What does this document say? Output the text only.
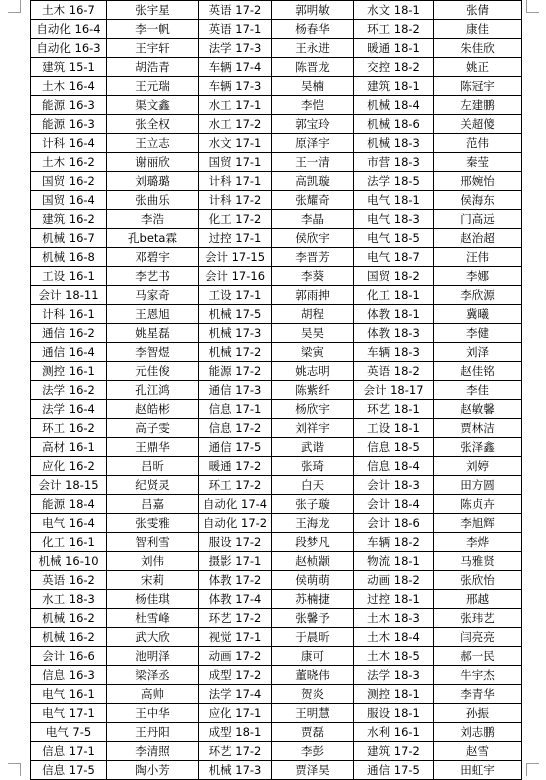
土木 16-7	张宇星	英语 17-2	郭明敏	水文 18-1	张倩
自动化 16-4	李一帆	英语 17-1	杨春华	环工 18-2	康佳
自动化 16-3	王宇轩	法学 17-3	王永进	暖通 18-1	朱佳欣
建筑 15-1	胡浩青	车辆 17-4	陈晋龙	交控 18-2	姚正
土木 16-4	王元瑞	车辆 17-3	吴楠	建筑 18-1	陈冠宇
能源 16-3	渠文鑫	水工 17-1	李恺	机械 18-4	左建鹏
能源 16-3	张全权	水工 17-2	郭宝玲	机械 18-6	关超傻
计科 16-4	王立志	水文 17-1	原泽宇	机械 18-3	范伟
土木 16-2	谢丽欣	国贸 17-1	王一清	市营 18-3	秦莹
国贸 16-2	刘璐璐	计科 17-1	高凯璇	法学 18-5	邢婉怡
国贸 16-4	张曲乐	计科 17-2	张耀奇	电气 18-1	侯海东
建筑 16-2	李浩	化工 17-2	李晶	电气 18-3	门高远
机械 16-7	孔beta霖	过控 17-1	侯欣宇	电气 18-5	赵治超
机械 16-8	邓碧宇	会计 17-15	李晋芳	电气 18-7	汪伟
工设 16-1	李艺书	会计 17-16	李葵	国贸 18-2	李娜
会计 18-11	马家奇	工设 17-1	郭雨抻	化工 18-1	李欣源
计科 16-1	王恩旭	机械 17-5	胡程	体教 18-1	冀曦
通信 16-2	姚星磊	机械 17-3	吴昊	体教 18-3	李健
通信 16-4	李智煜	机械 17-2	梁寅	车辆 18-3	刘泽
测控 16-1	元佳俊	能源 17-2	姚志明	英语 18-2	赵佳铭
法学 16-2	孔江鸿	通信 17-3	陈紫纤	会计 18-17	李佳
法学 16-4	赵皓彬	信息 17-1	杨欣宇	环艺 18-1	赵敏馨
环工 16-2	高子雯	信息 17-2	刘祥宇	工设 18-1	贾林洁
高材 16-1	王鼎华	通信 17-5	武谐	信息 18-5	张泽鑫
应化 16-2	吕昕	暖通 17-2	张琦	信息 18-4	刘婷
会计 18-15	纪贤灵	环工 17-2	白天	会计 18-3	田方圆
能源 18-4	吕嘉	自动化 17-4	张子璇	会计 18-4	陈贞卉
电气 16-4	张雯雅	自动化 17-2	王海龙	会计 18-6	李旭辉
化工 16-1	智利雪	服设 17-2	段梦凡	车辆 18-2	李烨
机械 16-10	刘伟	摄影 17-1	赵桢颛	物流 18-1	马雅贤
英语 16-2	宋莉	体教 17-2	侯萌萌	动画 18-2	张欣怡
水工 18-3	杨佳琪	体教 17-4	苏楠捷	过控 18-1	邢越
机械 16-2	杜雪峰	环艺 17-2	张馨予	土木 18-3	张玮艺
机械 16-2	武大欣	视觉 17-1	于晨昕	土木 18-4	闫亮亮
会计 16-6	池明泽	动画 17-2	康可	土木 18-5	郝一民
信息 16-3	梁泽丞	成型 17-2	董晓伟	法学 18-3	牛宇杰
电气 16-1	高帅	法学 17-4	贺炎	测控 18-1	李青华
电气 17-1	王中华	应化 17-1	王明慧	服设 18-1	孙振
电气 7-5	王丹阳	成型 18-1	贾磊	水利 16-1	刘志鹏
信息 17-1	李清照	环艺 17-2	李彭	建筑 17-2	赵雪
信息 17-5	陶小芳	机械 17-3	贾泽昊	通信 17-5	田虹宇
